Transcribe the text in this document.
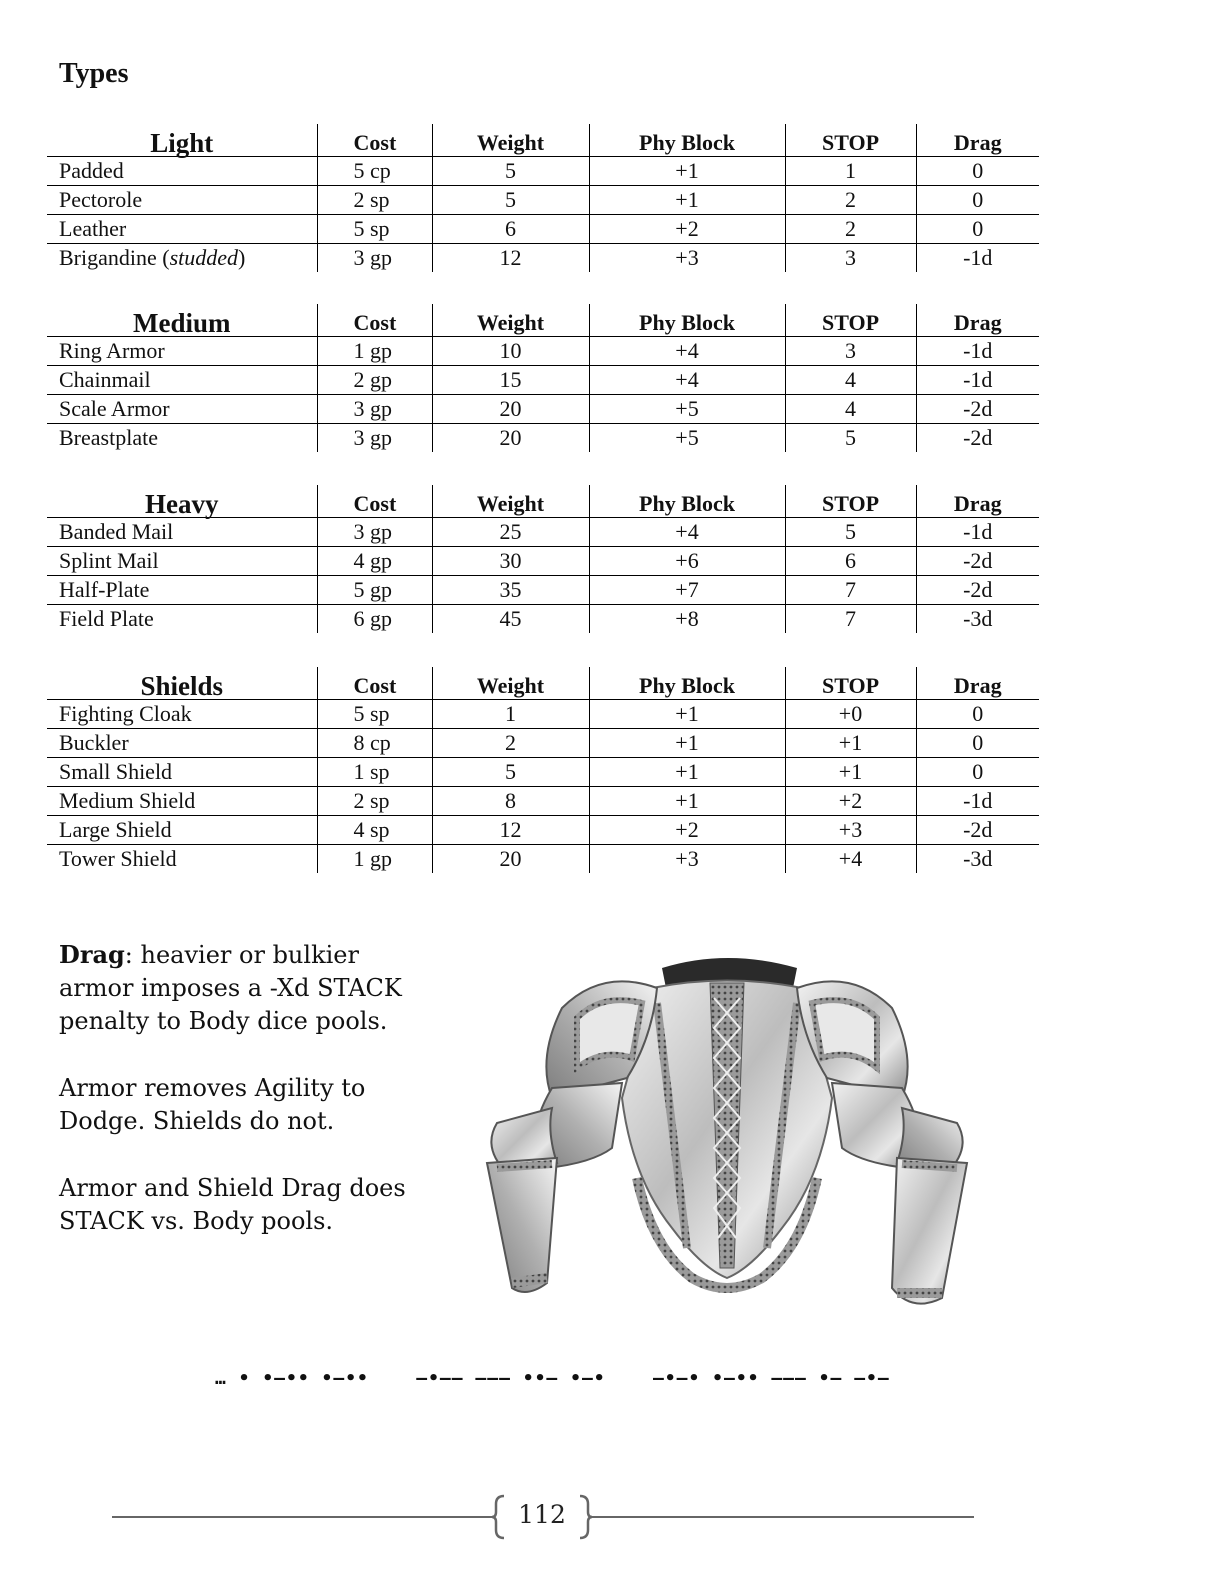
Types
Light	Cost	Weight	Phy Block	STOP	Drag
Padded	5 cp	5	+1	1	0
Pectorole	2 sp	5	+1	2	0
Leather	5 sp	6	+2	2	0
Brigandine (studded)	3 gp	12	+3	3	-1d
Medium	Cost	Weight	Phy Block	STOP	Drag
Ring Armor	1 gp	10	+4	3	-1d
Chainmail	2 gp	15	+4	4	-1d
Scale Armor	3 gp	20	+5	4	-2d
Breastplate	3 gp	20	+5	5	-2d
Heavy	Cost	Weight	Phy Block	STOP	Drag
Banded Mail	3 gp	25	+4	5	-1d
Splint Mail	4 gp	30	+6	6	-2d
Half-Plate	5 gp	35	+7	7	-2d
Field Plate	6 gp	45	+8	7	-3d
Shields	Cost	Weight	Phy Block	STOP	Drag
Fighting Cloak	5 sp	1	+1	+0	0
Buckler	8 cp	2	+1	+1	0
Small Shield	1 sp	5	+1	+1	0
Medium Shield	2 sp	8	+1	+2	-1d
Large Shield	4 sp	12	+2	+3	-2d
Tower Shield	1 gp	20	+3	+4	-3d

Drag: heavier or bulkier armor imposes a -Xd STACK penalty to Body dice pools.

Armor removes Agility to Dodge. Shields do not.

Armor and Shield Drag does STACK vs. Body pools.

… • •‒•• •‒••    ‒•‒‒ ‒‒‒ ••‒ •‒•    ‒•‒• •‒•• ‒‒‒ •‒ ‒•‒
112
